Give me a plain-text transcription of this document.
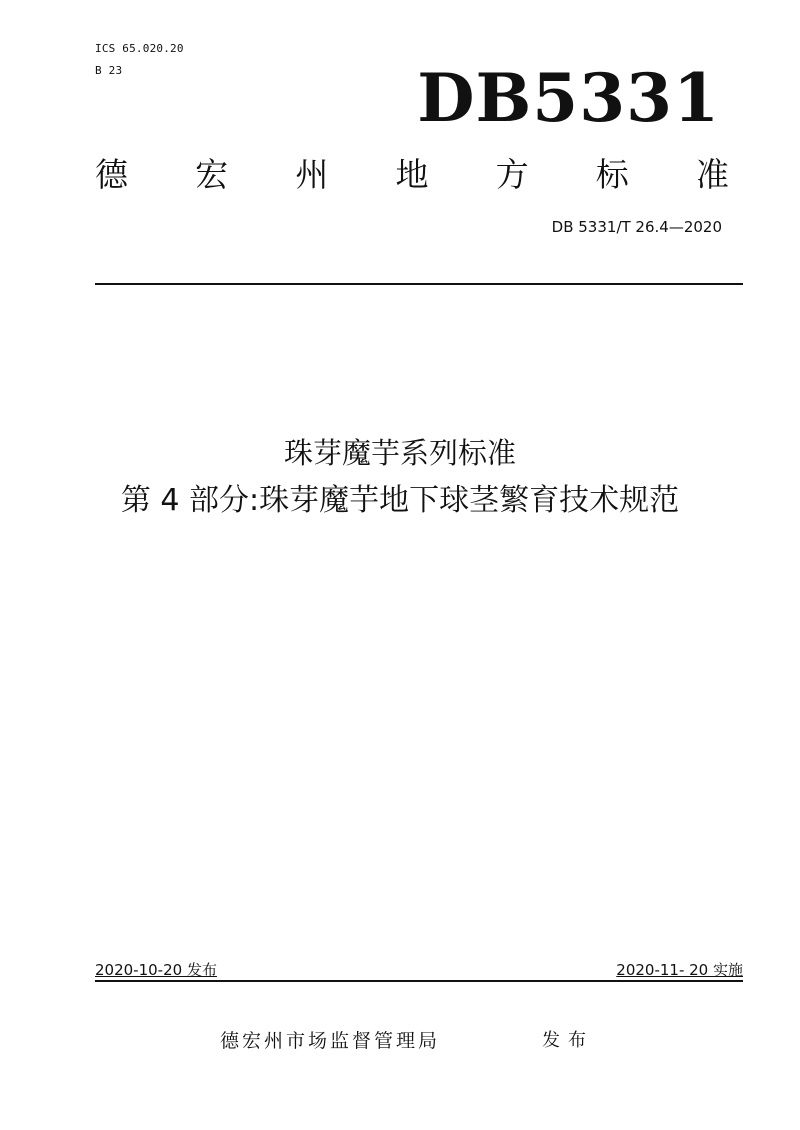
ICS 65.020.20
B 23	DB5331
德 宏 州 地 方 标 准
DB 5331/T 26.4—2020
珠芽魔芋系列标准
第 4 部分:珠芽魔芋地下球茎繁育技术规范
2020-10-20 发布	2020-11- 20 实施
德宏州市场监督管理局	发布
